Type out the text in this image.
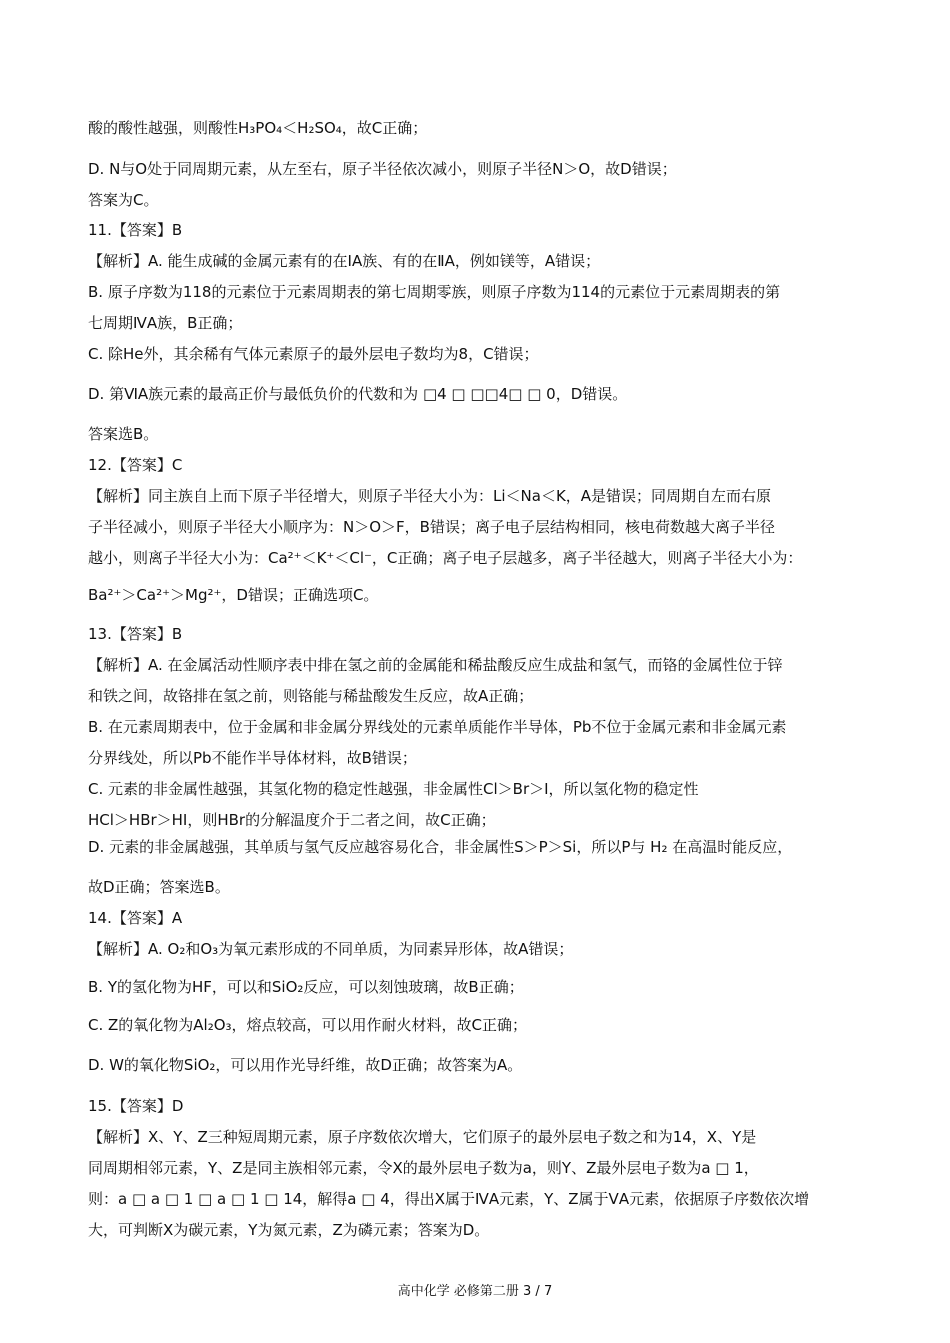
酸的酸性越强，则酸性H₃PO₄＜H₂SO₄，故C正确；
D. N与O处于同周期元素，从左至右，原子半径依次减小，则原子半径N＞O，故D错误；
答案为C。
11.【答案】B
【解析】A. 能生成碱的金属元素有的在ⅠA族、有的在ⅡA，例如镁等，A错误；
B. 原子序数为118的元素位于元素周期表的第七周期零族，则原子序数为114的元素位于元素周期表的第
七周期ⅣA族，B正确；
C. 除He外，其余稀有气体元素原子的最外层电子数均为8，C错误；
D. 第ⅥA族元素的最高正价与最低负价的代数和为 □4 □ □□4□ □ 0，D错误。
答案选B。
12.【答案】C
【解析】同主族自上而下原子半径增大，则原子半径大小为：Li＜Na＜K，A是错误；同周期自左而右原
子半径减小，则原子半径大小顺序为：N＞O＞F，B错误；离子电子层结构相同，核电荷数越大离子半径
越小，则离子半径大小为：Ca²⁺＜K⁺＜Cl⁻，C正确；离子电子层越多，离子半径越大，则离子半径大小为：
Ba²⁺＞Ca²⁺＞Mg²⁺，D错误；正确选项C。
13.【答案】B
【解析】A. 在金属活动性顺序表中排在氢之前的金属能和稀盐酸反应生成盐和氢气，而铬的金属性位于锌
和铁之间，故铬排在氢之前，则铬能与稀盐酸发生反应，故A正确；
B. 在元素周期表中，位于金属和非金属分界线处的元素单质能作半导体，Pb不位于金属元素和非金属元素
分界线处，所以Pb不能作半导体材料，故B错误；
C. 元素的非金属性越强，其氢化物的稳定性越强，非金属性Cl＞Br＞I，所以氢化物的稳定性
HCl＞HBr＞HI，则HBr的分解温度介于二者之间，故C正确；
D. 元素的非金属越强，其单质与氢气反应越容易化合，非金属性S＞P＞Si，所以P与 H₂ 在高温时能反应，
故D正确；答案选B。
14.【答案】A
【解析】A. O₂和O₃为氧元素形成的不同单质，为同素异形体，故A错误；
B. Y的氢化物为HF，可以和SiO₂反应，可以刻蚀玻璃，故B正确；
C. Z的氧化物为Al₂O₃，熔点较高，可以用作耐火材料，故C正确；
D. W的氧化物SiO₂，可以用作光导纤维，故D正确；故答案为A。
15.【答案】D
【解析】X、Y、Z三种短周期元素，原子序数依次增大，它们原子的最外层电子数之和为14，X、Y是
同周期相邻元素，Y、Z是同主族相邻元素，令X的最外层电子数为a，则Y、Z最外层电子数为a □ 1，
则：a □ a □ 1 □ a □ 1 □ 14，解得a □ 4，得出X属于ⅣA元素，Y、Z属于ⅤA元素，依据原子序数依次增
大，可判断X为碳元素，Y为氮元素，Z为磷元素；答案为D。
高中化学 必修第二册 3 / 7
